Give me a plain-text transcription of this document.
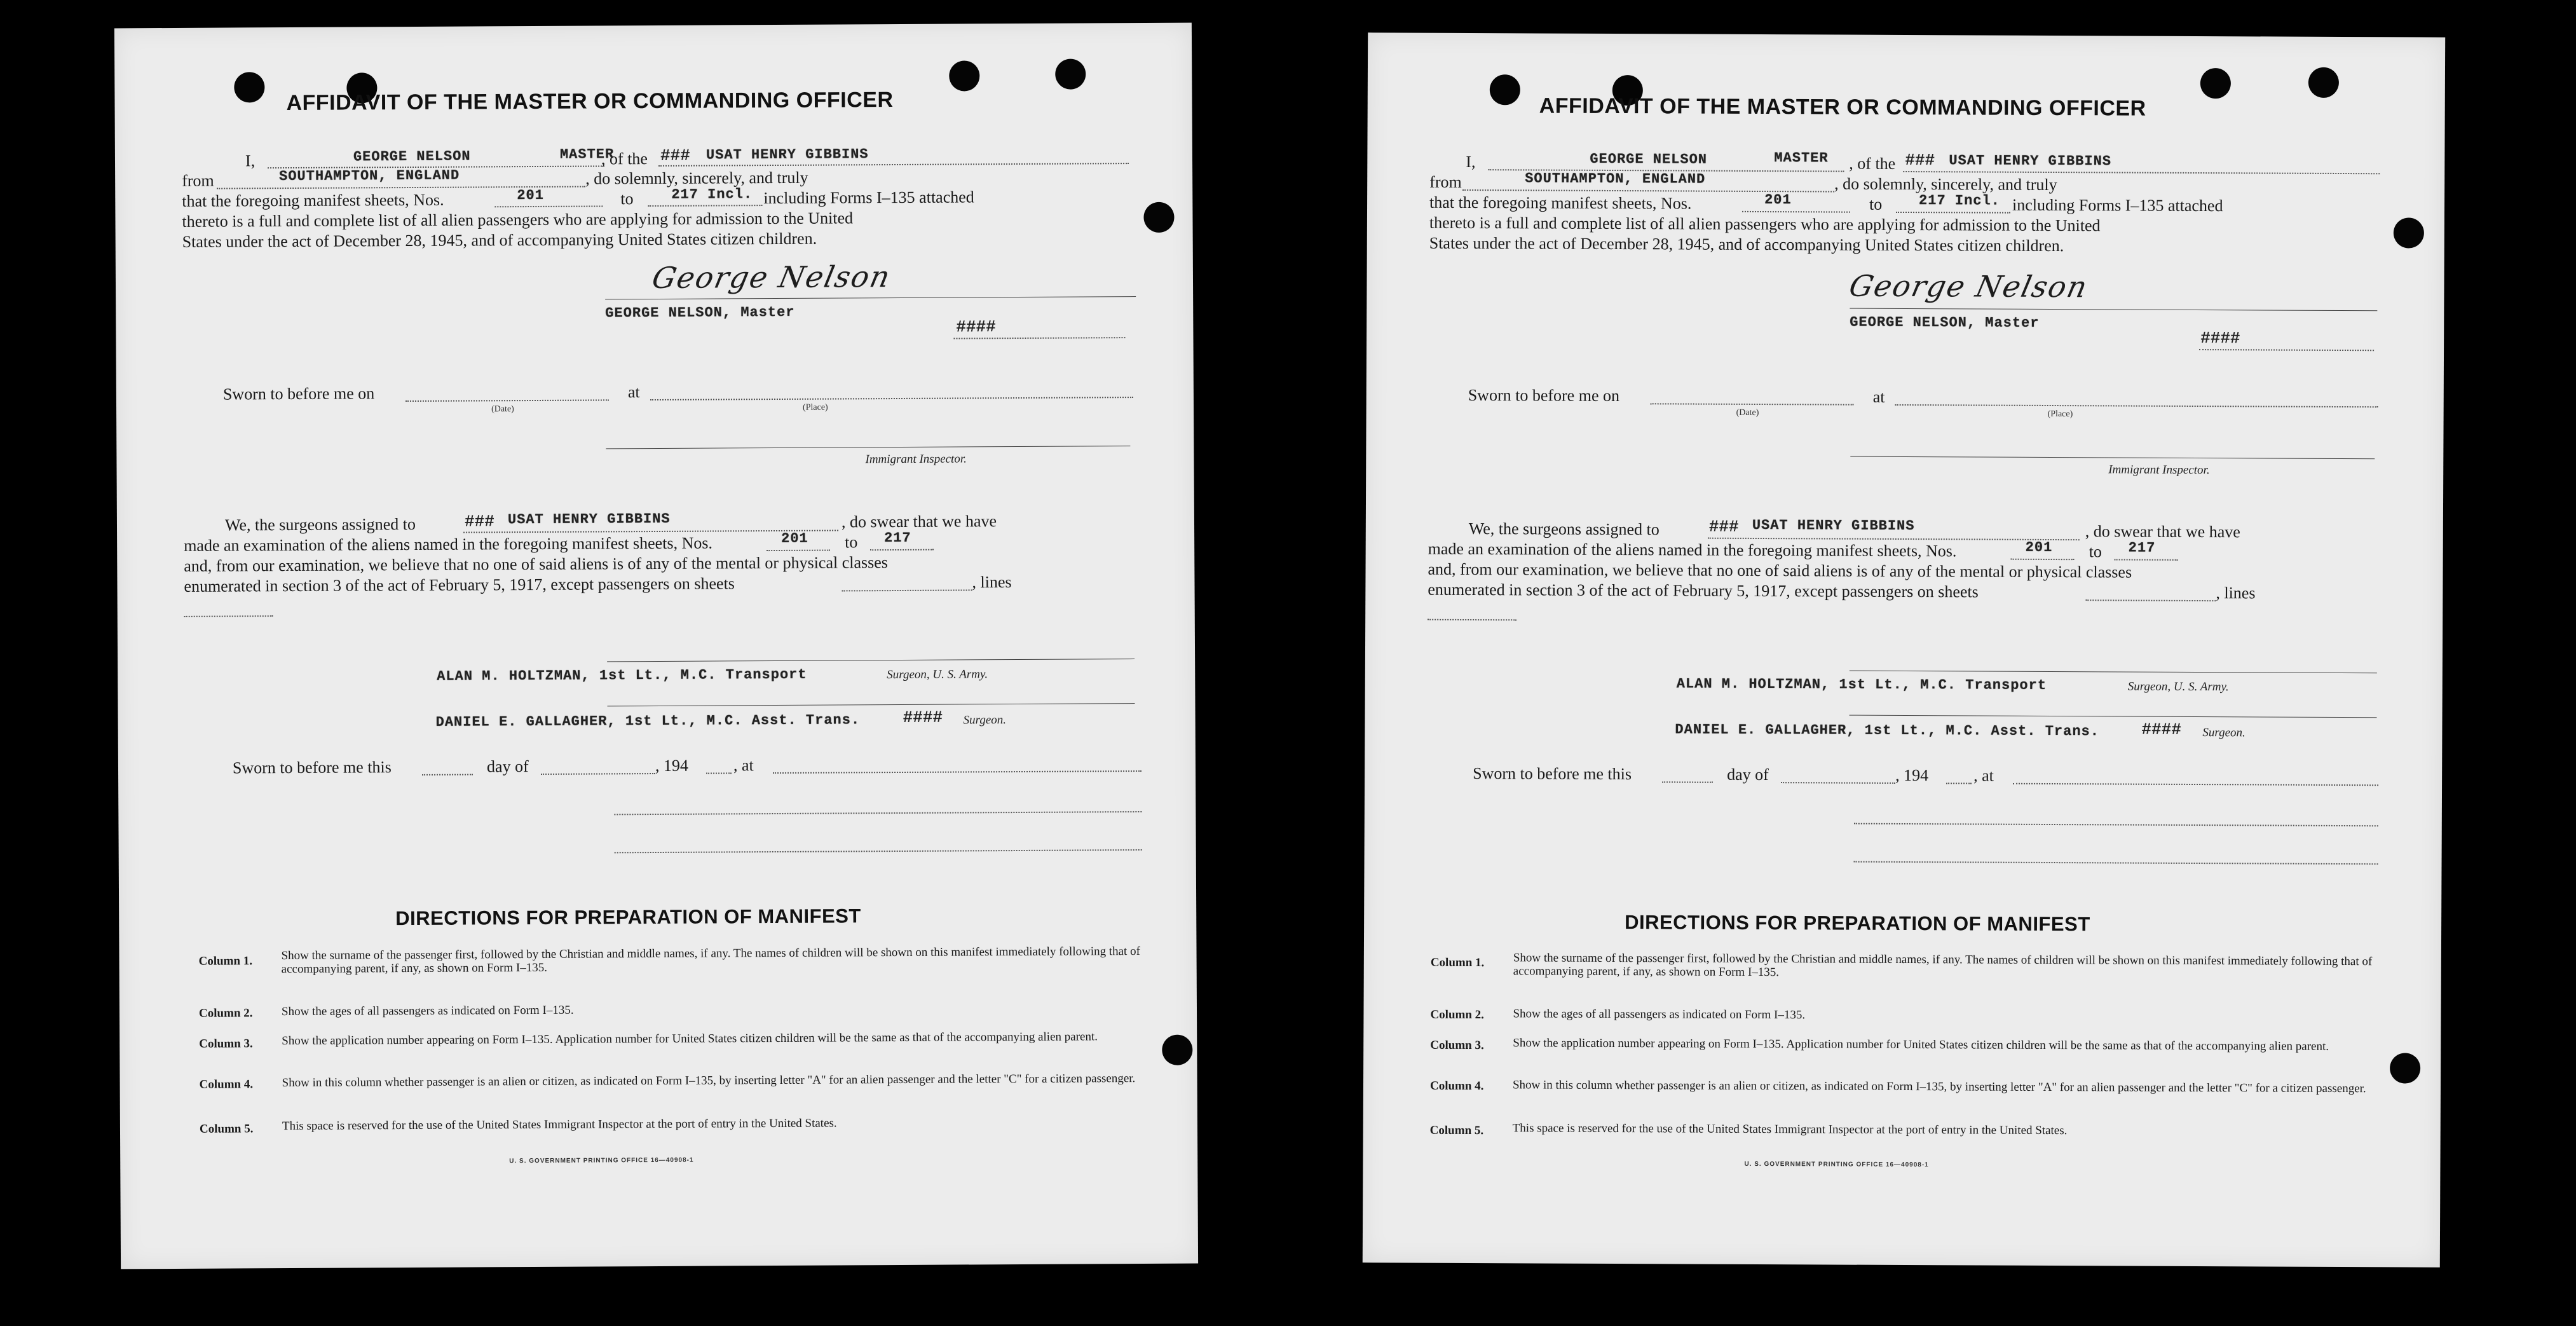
AFFIDAVIT OF THE MASTER OR COMMANDING OFFICER
I,	GEORGE NELSON	MASTER
, of the ### USAT HENRY GIBBINS
from	SOUTHAMPTON, ENGLAND	, do solemnly, sincerely, and truly
that the foregoing manifest sheets, Nos.	201	to	217 Incl. including Forms I–135 attached
thereto is a full and complete list of all alien passengers who are applying for admission to the United
States under the act of December 28, 1945, and of accompanying United States citizen children.
George Nelson
GEORGE NELSON, Master
####
Sworn to before me on
(Date)
at
(Place)
Immigrant Inspector.
We, the surgeons assigned to	### USAT HENRY GIBBINS	, do swear that we have
made an examination of the aliens named in the foregoing manifest sheets, Nos.	201 to 217
and, from our examination, we believe that no one of said aliens is of any of the mental or physical classes
enumerated in section 3 of the act of February 5, 1917, except passengers on sheets	, lines
ALAN M. HOLTZMAN, 1st Lt., M.C. Transport	Surgeon, U. S. Army.
DANIEL E. GALLAGHER, 1st Lt., M.C. Asst. Trans.	#### Surgeon.
Sworn to before me this	day of	, 194	, at
DIRECTIONS FOR PREPARATION OF MANIFEST
Column 1. Show the surname of the passenger first, followed by the Christian and middle names, if any. The names of children will be shown on this manifest immediately following that of accompanying parent, if any, as shown on Form I–135.
Column 2. Show the ages of all passengers as indicated on Form I–135.
Column 3. Show the application number appearing on Form I–135. Application number for United States citizen children will be the same as that of the accompanying alien parent.
Column 4. Show in this column whether passenger is an alien or citizen, as indicated on Form I–135, by inserting letter "A" for an alien passenger and the letter "C" for a citizen passenger.
Column 5. This space is reserved for the use of the United States Immigrant Inspector at the port of entry in the United States.
U. S. GOVERNMENT PRINTING OFFICE 16—40908-1
AFFIDAVIT OF THE MASTER OR COMMANDING OFFICER
I,	GEORGE NELSON	MASTER , of the ### USAT HENRY GIBBINS
from	SOUTHAMPTON, ENGLAND	, do solemnly, sincerely, and truly
that the foregoing manifest sheets, Nos.	201	to	217 Incl. including Forms I–135 attached
thereto is a full and complete list of all alien passengers who are applying for admission to the United
States under the act of December 28, 1945, and of accompanying United States citizen children.
George Nelson
GEORGE NELSON, Master
####
Sworn to before me on
(Date)
at
(Place)
Immigrant Inspector.
We, the surgeons assigned to	### USAT HENRY GIBBINS	, do swear that we have
made an examination of the aliens named in the foregoing manifest sheets, Nos.	201 to 217
and, from our examination, we believe that no one of said aliens is of any of the mental or physical classes
enumerated in section 3 of the act of February 5, 1917, except passengers on sheets	, lines
ALAN M. HOLTZMAN, 1st Lt., M.C. Transport	Surgeon, U. S. Army.
DANIEL E. GALLAGHER, 1st Lt., M.C. Asst. Trans.	#### Surgeon.
Sworn to before me this	day of	, 194	, at
DIRECTIONS FOR PREPARATION OF MANIFEST
Column 1. Show the surname of the passenger first, followed by the Christian and middle names, if any. The names of children will be shown on this manifest immediately following that of accompanying parent, if any, as shown on Form I–135.
Column 2. Show the ages of all passengers as indicated on Form I–135.
Column 3. Show the application number appearing on Form I–135. Application number for United States citizen children will be the same as that of the accompanying alien parent.
Column 4. Show in this column whether passenger is an alien or citizen, as indicated on Form I–135, by inserting letter "A" for an alien passenger and the letter "C" for a citizen passenger.
Column 5. This space is reserved for the use of the United States Immigrant Inspector at the port of entry in the United States.
U. S. GOVERNMENT PRINTING OFFICE 16—40908-1
